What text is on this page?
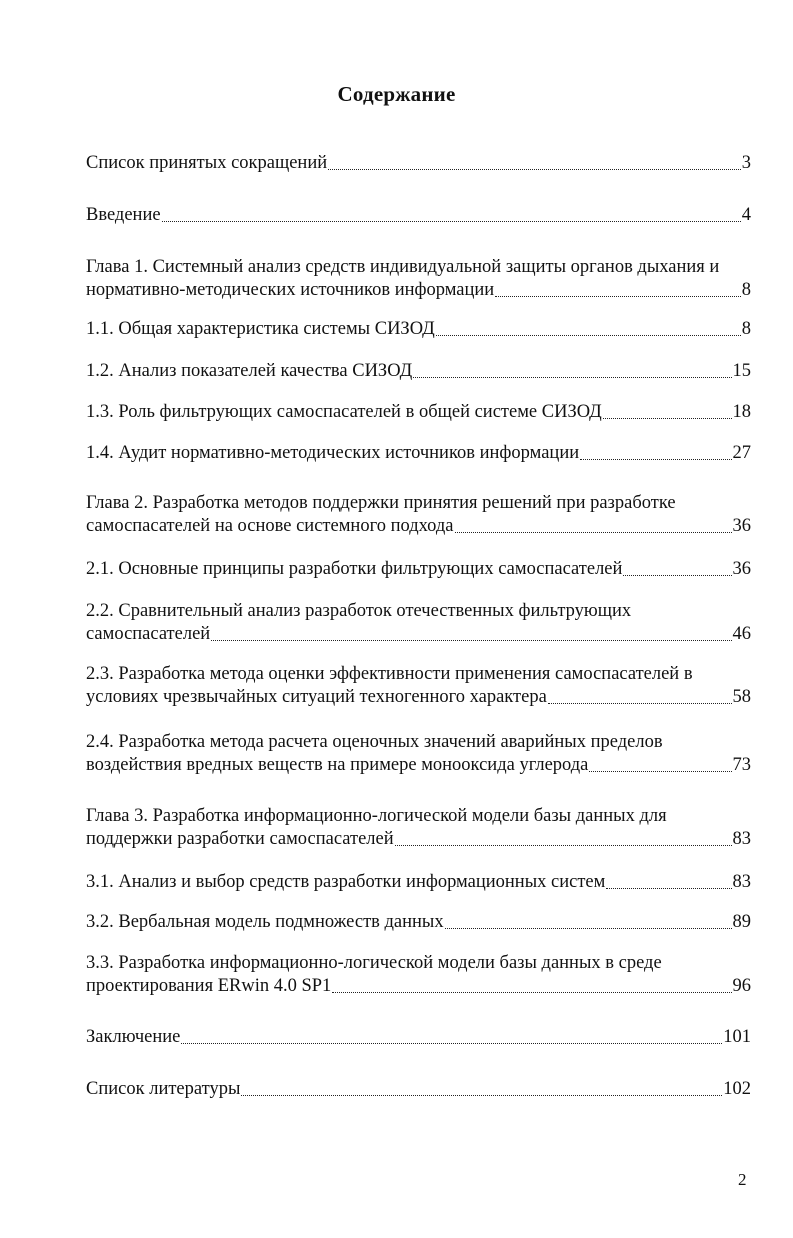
Содержание
Список принятых сокращений	3
Введение	4
Глава 1. Системный анализ средств индивидуальной защиты органов дыхания и
нормативно-методических источников информации	8
1.1. Общая характеристика системы СИЗОД	8
1.2. Анализ показателей качества СИЗОД	15
1.3. Роль фильтрующих самоспасателей в общей системе СИЗОД	18
1.4. Аудит нормативно-методических источников информации	27
Глава 2. Разработка методов поддержки принятия решений при разработке
самоспасателей на основе системного подхода	36
2.1. Основные принципы разработки фильтрующих самоспасателей	36
2.2. Сравнительный анализ разработок отечественных фильтрующих
самоспасателей	46
2.3. Разработка метода оценки эффективности применения самоспасателей в
условиях чрезвычайных ситуаций техногенного характера	58
2.4. Разработка метода расчета оценочных значений аварийных пределов
воздействия вредных веществ на примере монооксида углерода	73
Глава 3. Разработка информационно-логической модели базы данных для
поддержки разработки самоспасателей	83
3.1. Анализ и выбор средств разработки информационных систем	83
3.2. Вербальная модель подмножеств данных	89
3.3. Разработка информационно-логической модели базы данных в среде
проектирования ERwin 4.0 SP1	96
Заключение	101
Список литературы	102
2
